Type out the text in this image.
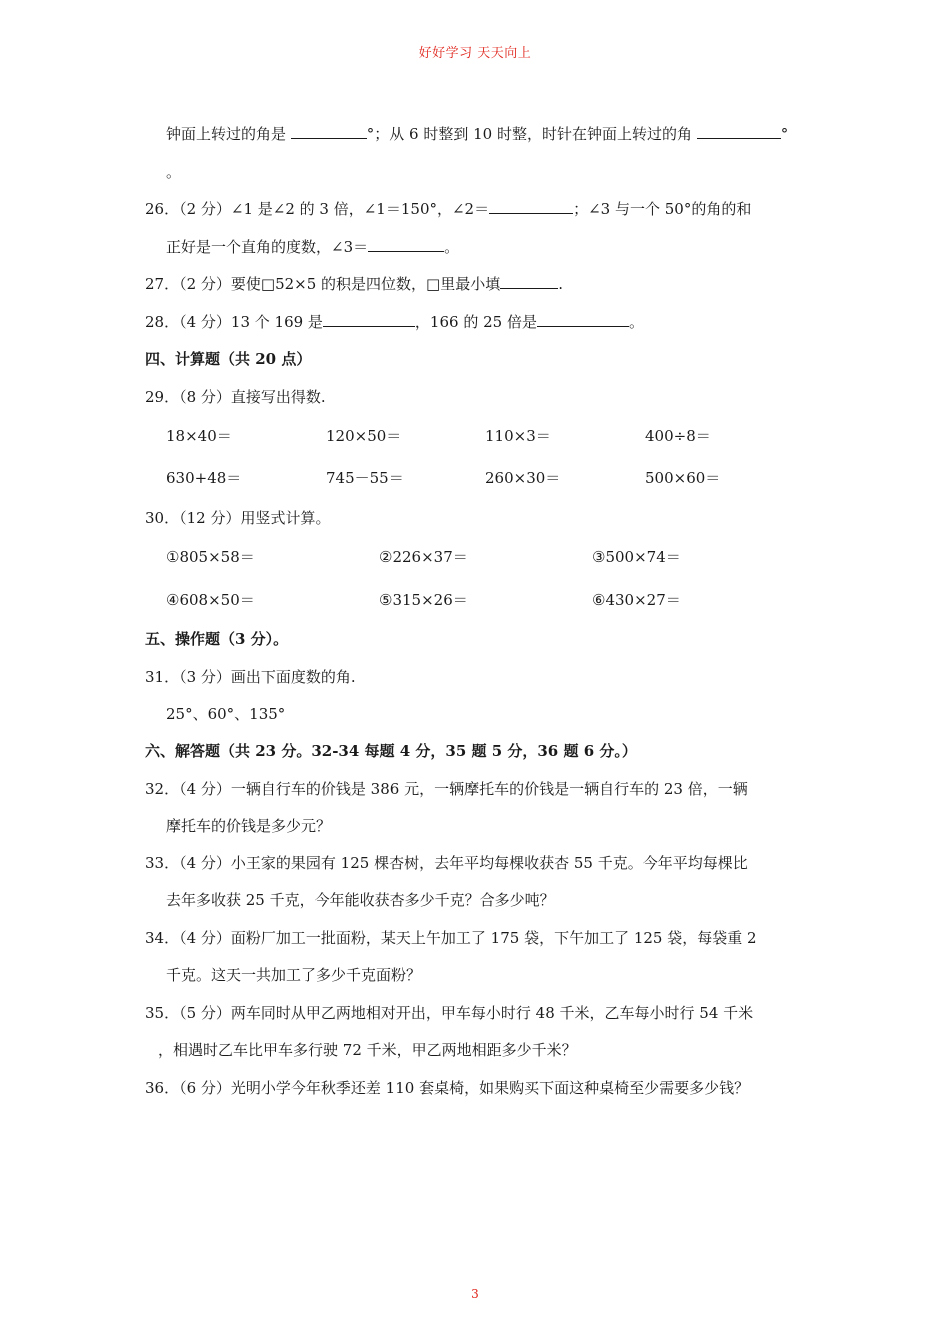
好好学习 天天向上
钟面上转过的角是	°；从 6 时整到 10 时整，时针在钟面上转过的角	°
。
26．（2 分）∠1 是∠2 的 3 倍，∠1＝150°，∠2＝	；∠3 与一个 50°的角的和
正好是一个直角的度数，∠3＝	。
27．（2 分）要使□52×5 的积是四位数，□里最小填	.
28．（4 分）13 个 169 是	，166 的 25 倍是	。
四、计算题（共 20 点）
29．（8 分）直接写出得数.
18×40＝	120×50＝	110×3＝	400÷8＝
630+48＝	745－55＝	260×30＝	500×60＝
30．（12 分）用竖式计算。
①805×58＝	②226×37＝	③500×74＝
④608×50＝	⑤315×26＝	⑥430×27＝
五、操作题（3 分）。
31．（3 分）画出下面度数的角.
25°、60°、135°
六、解答题（共 23 分。32-34 每题 4 分，35 题 5 分，36 题 6 分。）
32．（4 分）一辆自行车的价钱是 386 元，一辆摩托车的价钱是一辆自行车的 23 倍，一辆
摩托车的价钱是多少元？
33．（4 分）小王家的果园有 125 棵杏树，去年平均每棵收获杏 55 千克。今年平均每棵比
去年多收获 25 千克，今年能收获杏多少千克？合多少吨？
34．（4 分）面粉厂加工一批面粉，某天上午加工了 175 袋，下午加工了 125 袋，每袋重 2
千克。这天一共加工了多少千克面粉？
35．（5 分）两车同时从甲乙两地相对开出，甲车每小时行 48 千米，乙车每小时行 54 千米
，相遇时乙车比甲车多行驶 72 千米，甲乙两地相距多少千米？
36．（6 分）光明小学今年秋季还差 110 套桌椅，如果购买下面这种桌椅至少需要多少钱？
3
